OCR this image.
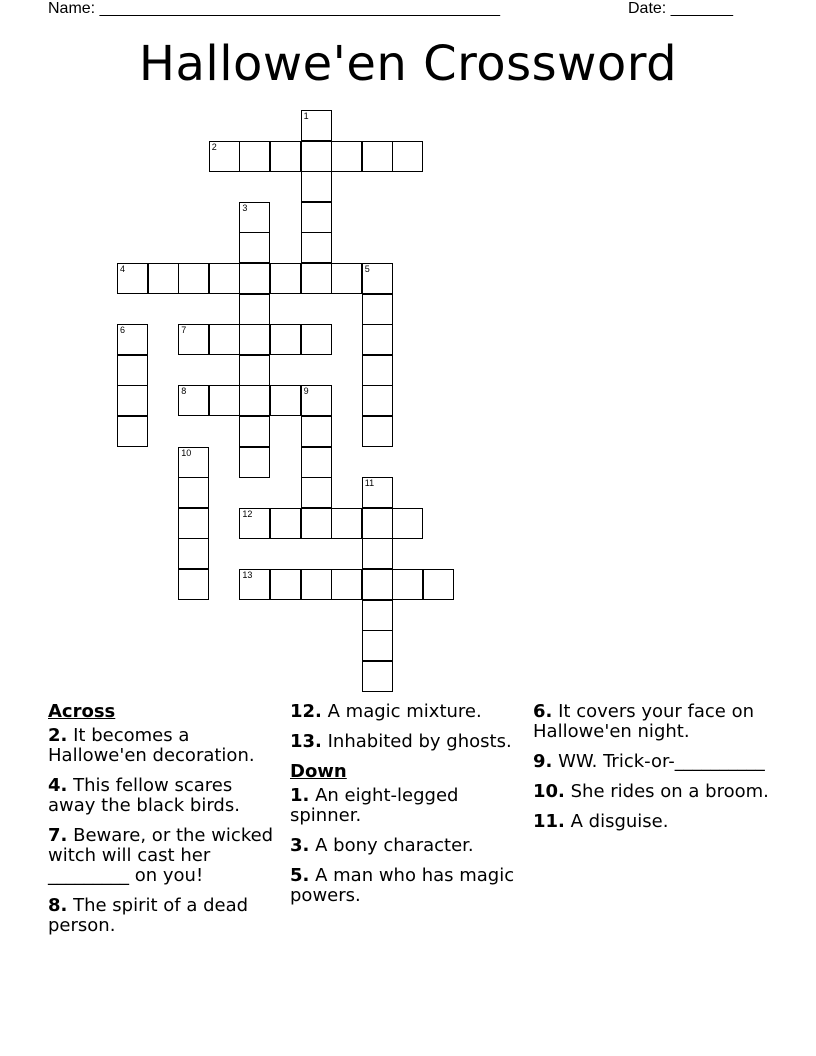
Name: _____________________________________________	Date: _______
Hallowe'en Crossword
1
2
3
4	5
6	7
8	9
10
11
12
13
Across
2. It becomes a Hallowe'en decoration.
4. This fellow scares away the black birds.
7. Beware, or the wicked witch will cast her _________ on you!
8. The spirit of a dead person.
12. A magic mixture.
13. Inhabited by ghosts.
Down
1. An eight-legged spinner.
3. A bony character.
5. A man who has magic powers.
6. It covers your face on Hallowe'en night.
9. WW. Trick-or-__________
10. She rides on a broom.
11. A disguise.
